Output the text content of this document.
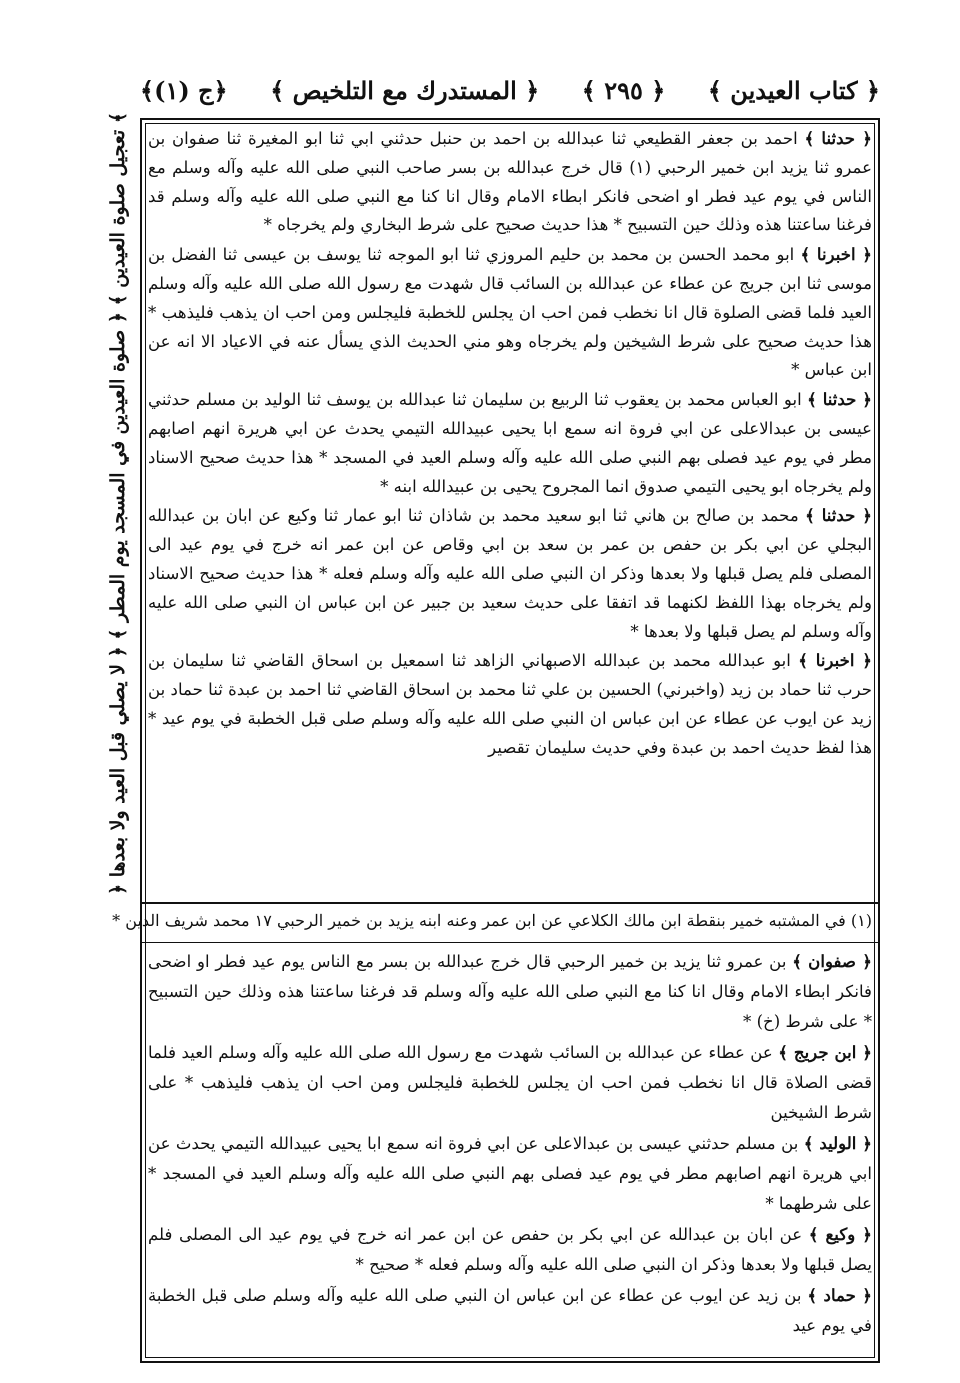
﴿ج (١)﴾ ﴿ المستدرك مع التلخيص ﴾ ﴿ ٢٩٥ ﴾ ﴿ كتاب العيدين ﴾
﴿ تعجيل صلوة العيدين ﴾ ﴿ صلوة العيدين في المسجد يوم المطر ﴾ ﴿ لا يصلي قبل العيد ولا بعدها ﴾

﴿ حدثنا ﴾ احمد بن جعفر القطيعي ثنا عبدالله بن احمد بن حنبل حدثني ابي ثنا ابو المغيرة ثنا صفوان بن عمرو ثنا يزيد ابن خمير الرحبي (١) قال خرج عبدالله بن بسر صاحب النبي صلى الله عليه وآله وسلم مع الناس في يوم عيد فطر او اضحى فانكر ابطاء الامام وقال انا كنا مع النبي صلى الله عليه وآله وسلم قد فرغنا ساعتنا هذه وذلك حين التسبيح * هذا حديث صحيح على شرط البخاري ولم يخرجاه *

﴿ اخبرنا ﴾ ابو محمد الحسن بن محمد بن حليم المروزي ثنا ابو الموجه ثنا يوسف بن عيسى ثنا الفضل بن موسى ثنا ابن جريج عن عطاء عن عبدالله بن السائب قال شهدت مع رسول الله صلى الله عليه وآله وسلم العيد فلما قضى الصلوة قال انا نخطب فمن احب ان يجلس للخطبة فليجلس ومن احب ان يذهب فليذهب * هذا حديث صحيح على شرط الشيخين ولم يخرجاه وهو مني الحديث الذي يسأل عنه في الاعياد الا انه عن ابن عباس *

﴿ حدثنا ﴾ ابو العباس محمد بن يعقوب ثنا الربيع بن سليمان ثنا عبدالله بن يوسف ثنا الوليد بن مسلم حدثني عيسى بن عبدالاعلى عن ابي فروة انه سمع ابا يحيى عبيدالله التيمي يحدث عن ابي هريرة انهم اصابهم مطر في يوم عيد فصلى بهم النبي صلى الله عليه وآله وسلم العيد في المسجد * هذا حديث صحيح الاسناد ولم يخرجاه ابو يحيى التيمي صدوق انما المجروح يحيى بن عبيدالله ابنه *

﴿ حدثنا ﴾ محمد بن صالح بن هاني ثنا ابو سعيد محمد بن شاذان ثنا ابو عمار ثنا وكيع عن ابان بن عبدالله البجلي عن ابي بكر بن حفص بن عمر بن سعد بن ابي وقاص عن ابن عمر انه خرج في يوم عيد الى المصلى فلم يصل قبلها ولا بعدها وذكر ان النبي صلى الله عليه وآله وسلم فعله * هذا حديث صحيح الاسناد ولم يخرجاه بهذا اللفظ لكنهما قد اتفقا على حديث سعيد بن جبير عن ابن عباس ان النبي صلى الله عليه وآله وسلم لم يصل قبلها ولا بعدها *

﴿ اخبرنا ﴾ ابو عبدالله محمد بن عبدالله الاصبهاني الزاهد ثنا اسمعيل بن اسحاق القاضي ثنا سليمان بن حرب ثنا حماد بن زيد (واخبرني) الحسين بن علي ثنا محمد بن اسحاق القاضي ثنا احمد بن عبدة ثنا حماد بن زيد عن ايوب عن عطاء عن ابن عباس ان النبي صلى الله عليه وآله وسلم صلى قبل الخطبة في يوم عيد * هذا لفظ حديث احمد بن عبدة وفي حديث سليمان تقصير

(١) في المشتبه خمير بنقطة ابن مالك الكلاعي عن ابن عمر وعنه ابنه يزيد بن خمير الرحبي ١٧ محمد شريف الدين *

﴿ صفوان ﴾ بن عمرو ثنا يزيد بن خمير الرحبي قال خرج عبدالله بن بسر مع الناس يوم عيد فطر او اضحى فانكر ابطاء الامام وقال انا كنا مع النبي صلى الله عليه وآله وسلم قد فرغنا ساعتنا هذه وذلك حين التسبيح * على شرط (خ) *

﴿ ابن جريج ﴾ عن عطاء عن عبدالله بن السائب شهدت مع رسول الله صلى الله عليه وآله وسلم العيد فلما قضى الصلاة قال انا نخطب فمن احب ان يجلس للخطبة فليجلس ومن احب ان يذهب فليذهب * على شرط الشيخين

﴿ الوليد ﴾ بن مسلم حدثني عيسى بن عبدالاعلى عن ابي فروة انه سمع ابا يحيى عبيدالله التيمي يحدث عن ابي هريرة انهم اصابهم مطر في يوم عيد فصلى بهم النبي صلى الله عليه وآله وسلم العيد في المسجد * على شرطهما *

﴿ وكيع ﴾ عن ابان بن عبدالله عن ابي بكر بن حفص عن ابن عمر انه خرج في يوم عيد الى المصلى فلم يصل قبلها ولا بعدها وذكر ان النبي صلى الله عليه وآله وسلم فعله * صحيح *

﴿ حماد ﴾ بن زيد عن ايوب عن عطاء عن ابن عباس ان النبي صلى الله عليه وآله وسلم صلى قبل الخطبة في يوم عيد
